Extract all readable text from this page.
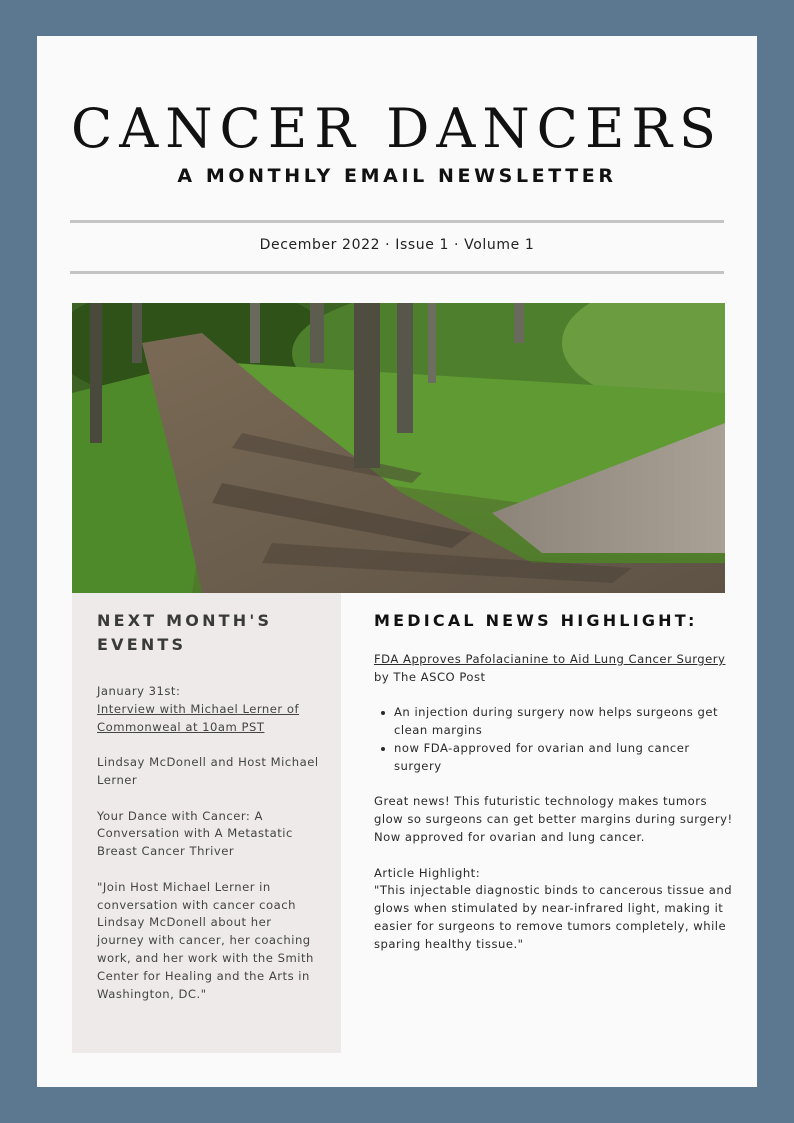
CANCER DANCERS
A MONTHLY EMAIL NEWSLETTER
December 2022 · Issue 1 · Volume 1
NEXT MONTH'S EVENTS

January 31st:

Interview with Michael Lerner of Commonweal at 10am PST

Lindsay McDonell and Host Michael Lerner

Your Dance with Cancer: A Conversation with A Metastatic Breast Cancer Thriver

"Join Host Michael Lerner in conversation with cancer coach Lindsay McDonell about her journey with cancer, her coaching work, and her work with the Smith Center for Healing and the Arts in Washington, DC."

MEDICAL NEWS HIGHLIGHT:

FDA Approves Pafolacianine to Aid Lung Cancer Surgery by The ASCO Post

An injection during surgery now helps surgeons get clean margins
now FDA-approved for ovarian and lung cancer surgery

Great news! This futuristic technology makes tumors glow so surgeons can get better margins during surgery! Now approved for ovarian and lung cancer.

Article Highlight:

"This injectable diagnostic binds to cancerous tissue and glows when stimulated by near-infrared light, making it easier for surgeons to remove tumors completely, while sparing healthy tissue."
